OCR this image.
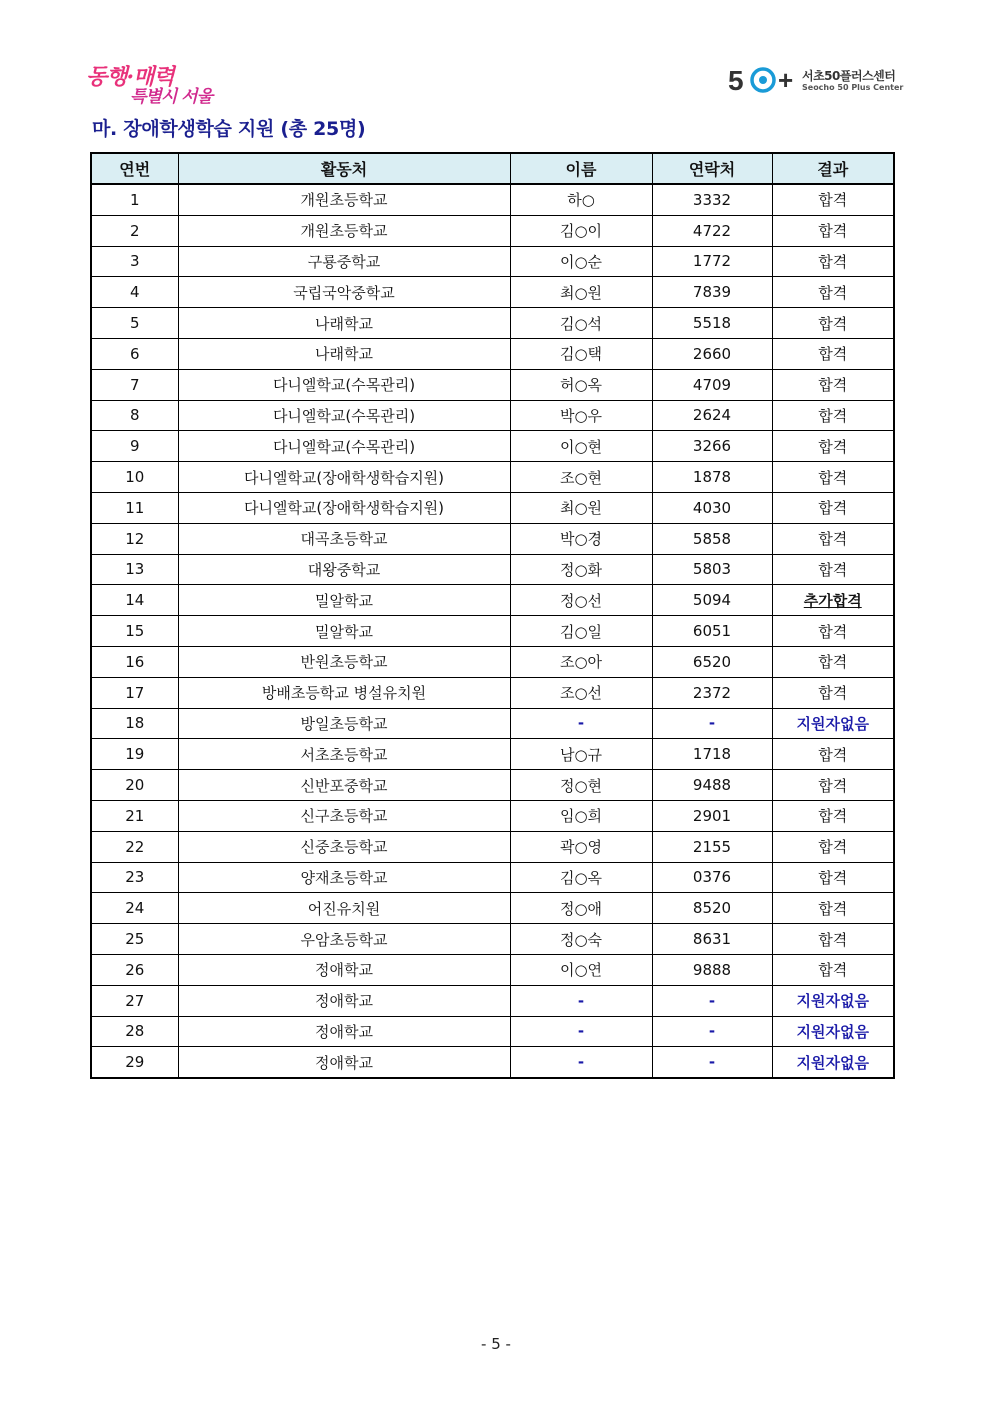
동행·매력
특별시 서울
5 + 서초50플러스센터
Seocho 50 Plus Center
마. 장애학생학습 지원 (총 25명)
연번	활동처	이름	연락처	결과
1	개원초등학교	하○	3332	합격
2	개원초등학교	김○이	4722	합격
3	구룡중학교	이○순	1772	합격
4	국립국악중학교	최○원	7839	합격
5	나래학교	김○석	5518	합격
6	나래학교	김○택	2660	합격
7	다니엘학교(수목관리)	허○옥	4709	합격
8	다니엘학교(수목관리)	박○우	2624	합격
9	다니엘학교(수목관리)	이○현	3266	합격
10	다니엘학교(장애학생학습지원)	조○현	1878	합격
11	다니엘학교(장애학생학습지원)	최○원	4030	합격
12	대곡초등학교	박○경	5858	합격
13	대왕중학교	정○화	5803	합격
14	밀알학교	정○선	5094	추가합격
15	밀알학교	김○일	6051	합격
16	반원초등학교	조○아	6520	합격
17	방배초등학교 병설유치원	조○선	2372	합격
18	방일초등학교	-	-	지원자없음
19	서초초등학교	남○규	1718	합격
20	신반포중학교	정○현	9488	합격
21	신구초등학교	임○희	2901	합격
22	신중초등학교	곽○영	2155	합격
23	양재초등학교	김○옥	0376	합격
24	어진유치원	정○애	8520	합격
25	우암초등학교	정○숙	8631	합격
26	정애학교	이○연	9888	합격
27	정애학교	-	-	지원자없음
28	정애학교	-	-	지원자없음
29	정애학교	-	-	지원자없음
- 5 -
